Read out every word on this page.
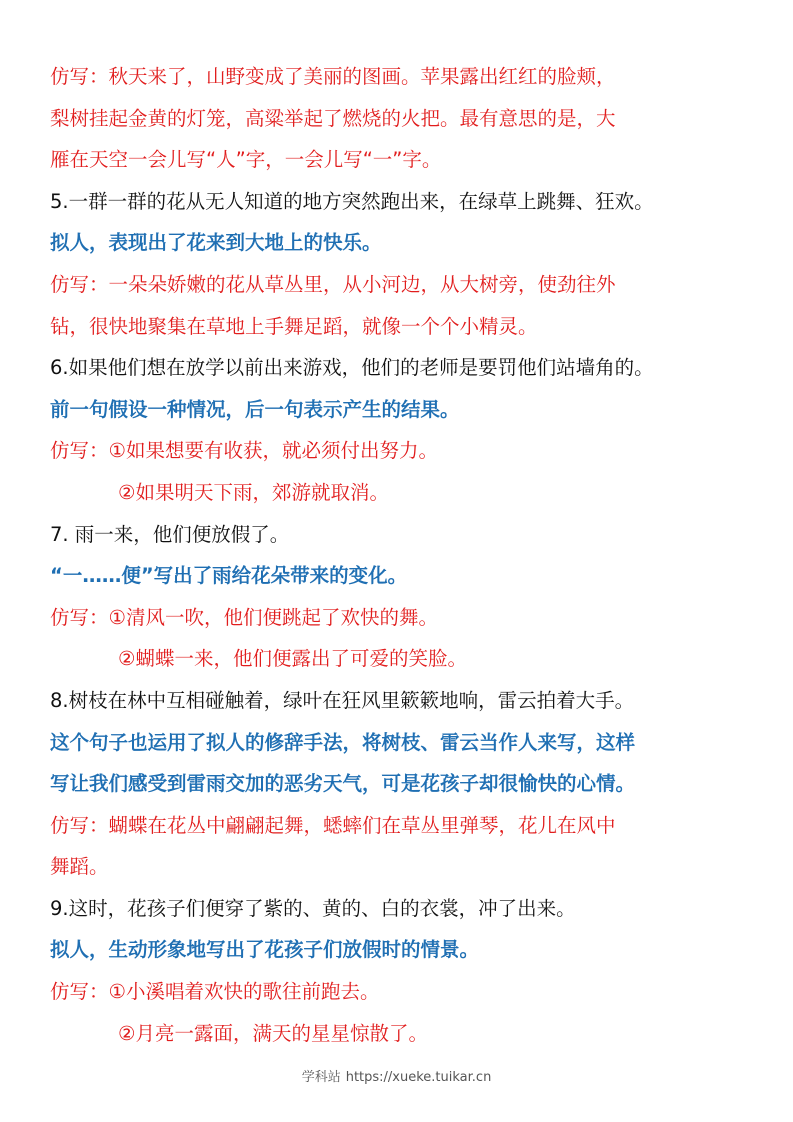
仿写：秋天来了，山野变成了美丽的图画。苹果露出红红的脸颊，
梨树挂起金黄的灯笼，高粱举起了燃烧的火把。最有意思的是，大
雁在天空一会儿写“人”字，一会儿写“一”字。
5.一群一群的花从无人知道的地方突然跑出来，在绿草上跳舞、狂欢。
拟人，表现出了花来到大地上的快乐。
仿写：一朵朵娇嫩的花从草丛里，从小河边，从大树旁，使劲往外
钻，很快地聚集在草地上手舞足蹈，就像一个个小精灵。
6.如果他们想在放学以前出来游戏，他们的老师是要罚他们站墙角的。
前一句假设一种情况，后一句表示产生的结果。
仿写：①如果想要有收获，就必须付出努力。
②如果明天下雨，郊游就取消。
7. 雨一来，他们便放假了。
“一……便”写出了雨给花朵带来的变化。
仿写：①清风一吹，他们便跳起了欢快的舞。
②蝴蝶一来，他们便露出了可爱的笑脸。
8.树枝在林中互相碰触着，绿叶在狂风里簌簌地响，雷云拍着大手。
这个句子也运用了拟人的修辞手法，将树枝、雷云当作人来写，这样
写让我们感受到雷雨交加的恶劣天气，可是花孩子却很愉快的心情。
仿写：蝴蝶在花丛中翩翩起舞，蟋蟀们在草丛里弹琴，花儿在风中
舞蹈。
9.这时，花孩子们便穿了紫的、黄的、白的衣裳，冲了出来。
拟人，生动形象地写出了花孩子们放假时的情景。
仿写：①小溪唱着欢快的歌往前跑去。
②月亮一露面，满天的星星惊散了。
学科站 https://xueke.tuikar.cn
